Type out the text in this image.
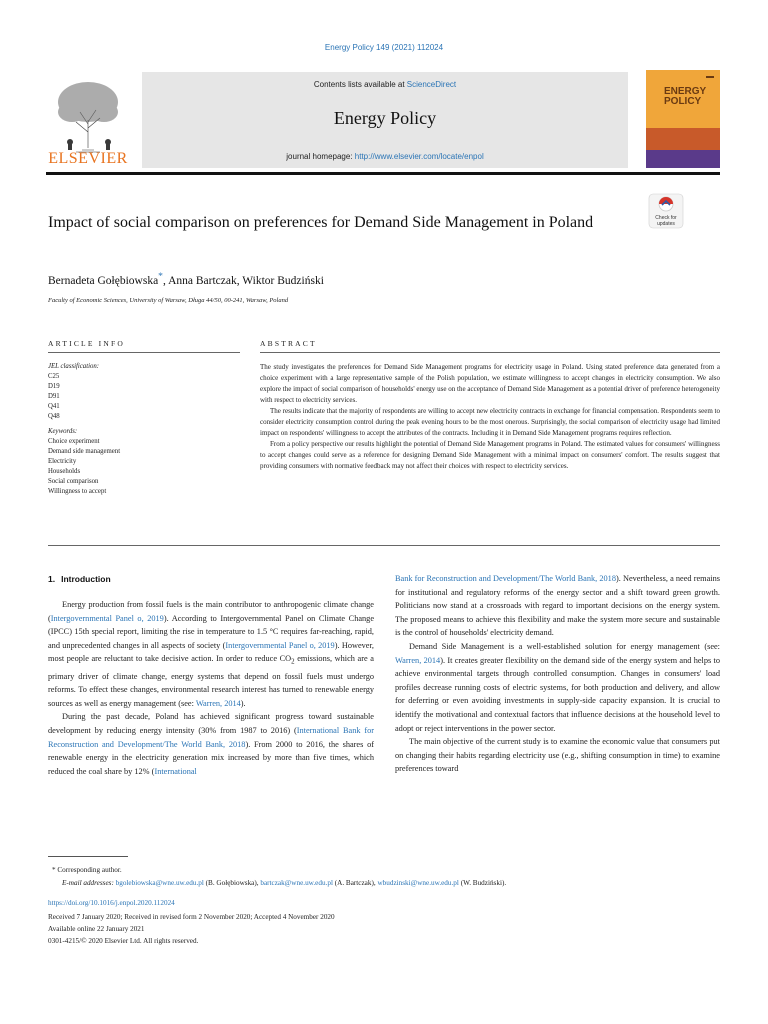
Energy Policy 149 (2021) 112024
ELSEVIER
Contents lists available at ScienceDirect
Energy Policy
journal homepage: http://www.elsevier.com/locate/enpol
ENERGY
POLICY
Impact of social comparison on preferences for Demand Side Management in Poland	Check for
updates
Bernadeta Gołębiowska*, Anna Bartczak, Wiktor Budziński
Faculty of Economic Sciences, University of Warsaw, Długa 44/50, 00-241, Warsaw, Poland
ARTICLE INFO	ABSTRACT
JEL classification:
C25
D19
D91
Q41
Q48
Keywords:
Choice experiment
Demand side management
Electricity
Households
Social comparison
Willingness to accept

The study investigates the preferences for Demand Side Management programs for electricity usage in Poland. Using stated preference data generated from a choice experiment with a large representative sample of the Polish population, we estimate willingness to accept changes in electricity consumption. We also explore the impact of social comparison of households' energy use on the acceptance of Demand Side Management as a potential driver of preference heterogeneity with respect to electricity services.

The results indicate that the majority of respondents are willing to accept new electricity contracts in exchange for financial compensation. Respondents seem to consider electricity consumption control during the peak evening hours to be the most onerous. Surprisingly, the social comparison of electricity usage had limited impact on respondents' willingness to accept the attributes of the contracts. Including it in Demand Side Management programs requires reflection.

From a policy perspective our results highlight the potential of Demand Side Management programs in Poland. The estimated values for consumers' willingness to accept changes could serve as a reference for designing Demand Side Management with a minimal impact on consumers' comfort. The results suggest that providing consumers with normative feedback may not affect their choices with respect to electricity services.

1. Introduction

Energy production from fossil fuels is the main contributor to anthropogenic climate change (Intergovernmental Panel o, 2019). According to Intergovernmental Panel on Climate Change (IPCC) 15th special report, limiting the rise in temperature to 1.5 °C requires far-reaching, rapid, and unprecedented changes in all aspects of society (Intergovernmental Panel o, 2019). However, most people are reluctant to take decisive action. In order to reduce $CO_2$ emissions, which are a primary driver of climate change, energy systems that depend on fossil fuels must undergo reforms. To effect these changes, environmental research interest has turned to renewable energy sources as well as energy management (see: Warren, 2014).

During the past decade, Poland has achieved significant progress toward sustainable development by reducing energy intensity (30% from 1987 to 2016) (International Bank for Reconstruction and Development/The World Bank, 2018). From 2000 to 2016, the shares of renewable energy in the electricity generation mix increased by more than five times, which reduced the coal share by 12% (International

Bank for Reconstruction and Development/The World Bank, 2018). Nevertheless, a need remains for institutional and regulatory reforms of the energy sector and a shift toward green growth. Politicians now stand at a crossroads with regard to important decisions on the energy system. The proposed means to achieve this flexibility and make the system more secure and sustainable is the control of households' electricity demand.

Demand Side Management is a well-established solution for energy management (see: Warren, 2014). It creates greater flexibility on the demand side of the energy system and helps to achieve environmental targets through controlled consumption. Changes in consumers' load profiles decrease running costs of electric systems, for both production and delivery, and allow for deferring or even avoiding investments in supply-side capacity expansion. It is crucial to identify the motivational and contextual factors that influence decisions at the household level to adopt or reject interventions in the power sector.

The main objective of the current study is to examine the economic value that consumers put on changing their habits regarding electricity use (e.g., shifting consumption in time) to examine preferences toward

* Corresponding author.
E-mail addresses: bgolebiowska@wne.uw.edu.pl (B. Gołębiowska), bartczak@wne.uw.edu.pl (A. Bartczak), wbudzinski@wne.uw.edu.pl (W. Budziński).
https://doi.org/10.1016/j.enpol.2020.112024
Received 7 January 2020; Received in revised form 2 November 2020; Accepted 4 November 2020
Available online 22 January 2021
0301-4215/© 2020 Elsevier Ltd. All rights reserved.
